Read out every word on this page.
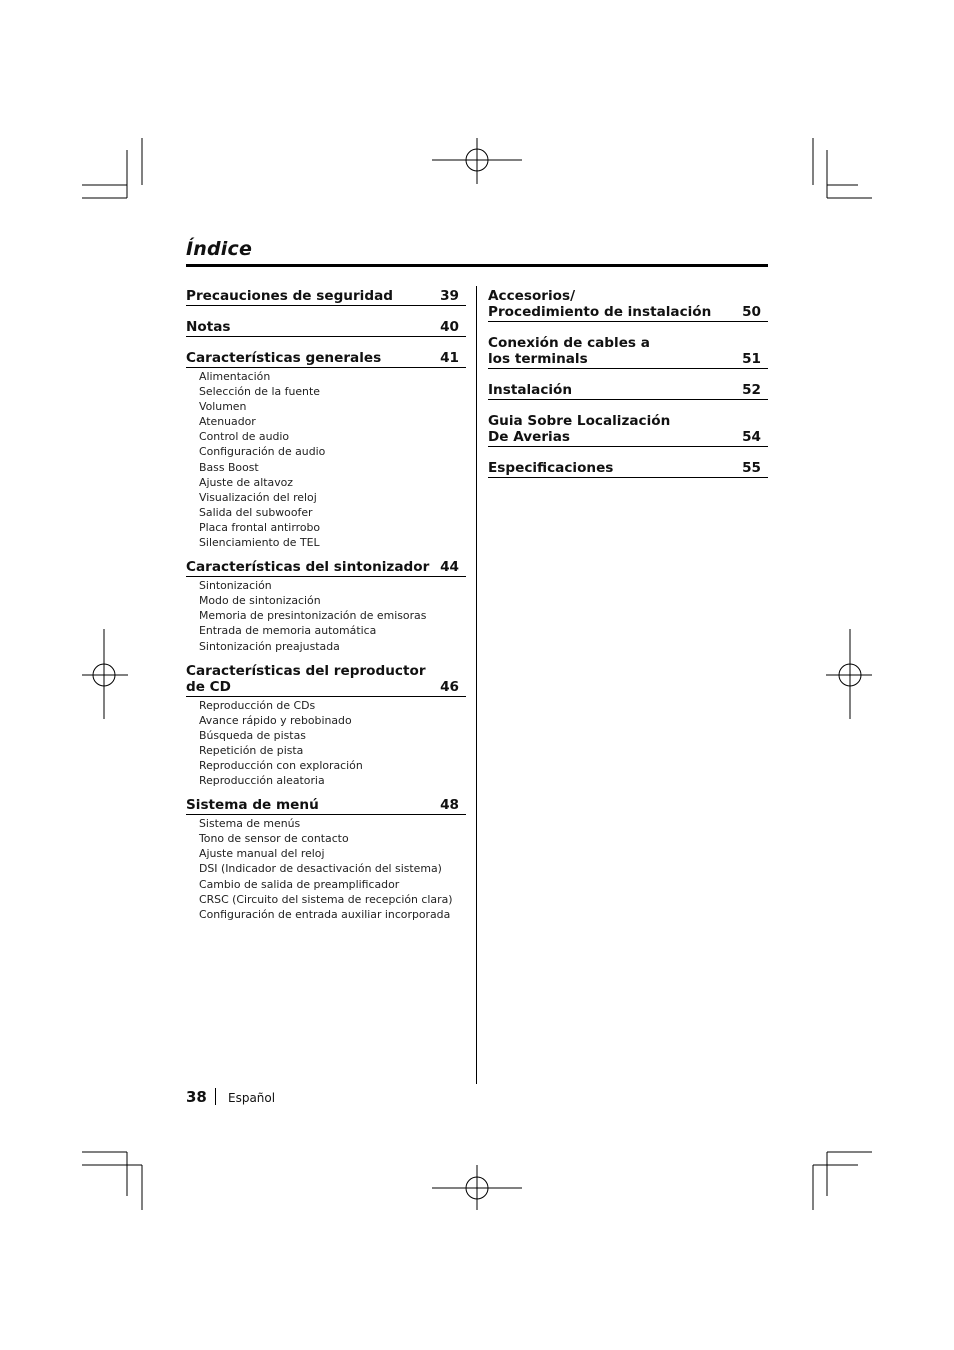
Índice
Precauciones de seguridad	39
Notas	40
Características generales	41
Alimentación
Selección de la fuente
Volumen
Atenuador
Control de audio
Configuración de audio
Bass Boost
Ajuste de altavoz
Visualización del reloj
Salida del subwoofer
Placa frontal antirrobo
Silenciamiento de TEL
Características del sintonizador 44
Sintonización
Modo de sintonización
Memoria de presintonización de emisoras
Entrada de memoria automática
Sintonización preajustada
Características del reproductor
de CD	46
Reproducción de CDs
Avance rápido y rebobinado
Búsqueda de pistas
Repetición de pista
Reproducción con exploración
Reproducción aleatoria
Sistema de menú	48
Sistema de menús
Tono de sensor de contacto
Ajuste manual del reloj
DSI (Indicador de desactivación del sistema)
Cambio de salida de preamplificador
CRSC (Circuito del sistema de recepción clara)
Configuración de entrada auxiliar incorporada
Accesorios/
Procedimiento de instalación	50
Conexión de cables a
los terminals	51
Instalación	52
Guia Sobre Localización
De Averias	54
Especificaciones	55
38 Español
